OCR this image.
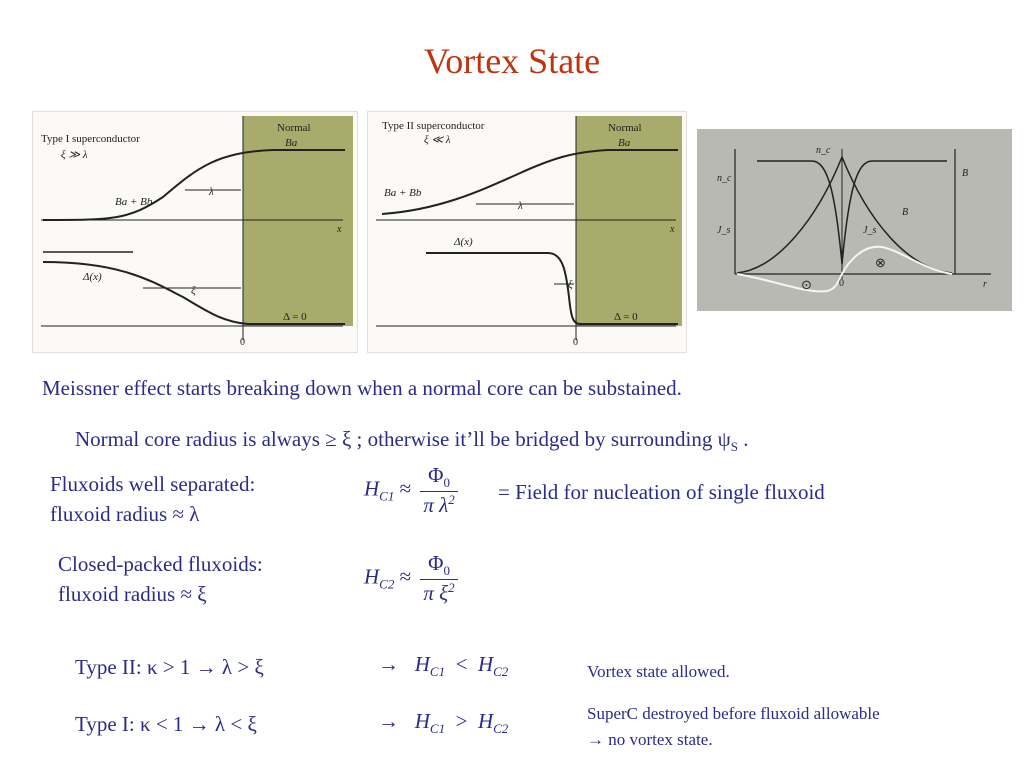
Vortex State
Type I superconductor
ξ ≫ λ
Normal
Ba
x
Ba + Bb
λ
Δ(x)
ξ
Δ = 0
0
Type II superconductor
ξ ≪ λ
Normal
Ba
x
Ba + Bb
λ
Δ(x)
ξ
Δ = 0
0
n_c
n_c
J_s	J_s
B
B
0	r
⊙
⊗
Meissner effect starts breaking down when a normal core can be substained.
Normal core radius is always ≥ ξ ; otherwise it’ll be bridged by surrounding $\psi_S$ .
Fluxoids well separated:
fluxoid radius ≈ λ
$H_{C1} \approx \frac{\Phi_0}{\pi \lambda^2}$ = Field for nucleation of single fluxoid
Closed-packed fluxoids:
fluxoid radius ≈ ξ
$H_{C2} \approx \frac{\Phi_0}{\pi \xi^2}$
Type II: κ > 1 → λ > ξ	→ $H_{C1} < H_{C2}$	Vortex state allowed.
Type I: κ < 1 → λ < ξ	→ $H_{C1} > H_{C2}$
SuperC destroyed before fluxoid allowable
→ no vortex state.
